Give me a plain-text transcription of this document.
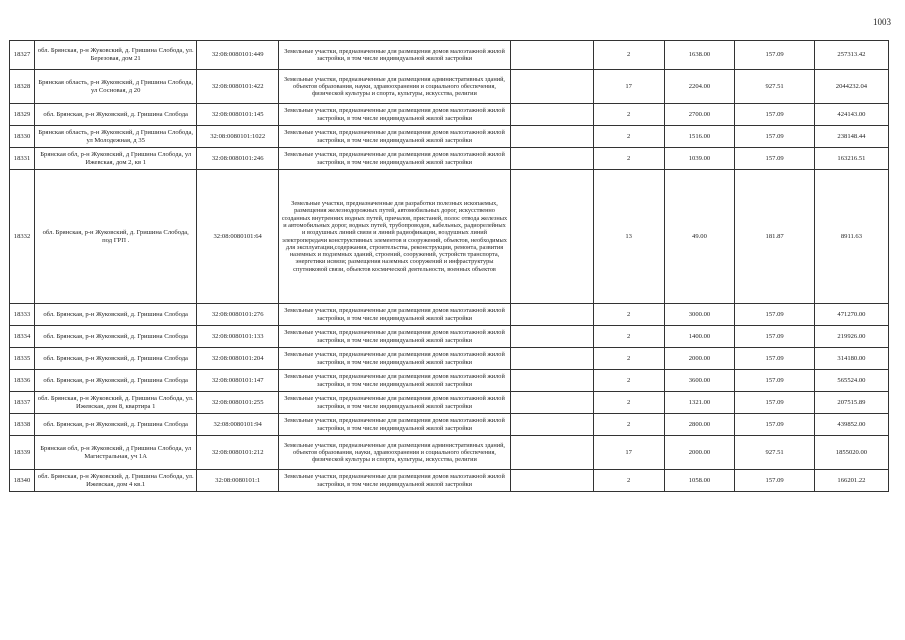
1003
18327	обл. Брянская, р-н Жуковский, д. Гришина Слобода, ул. Березовая, дом 21	32:08:0080101:449	Земельные участки, предназначенные для размещения домов малоэтажной жилой застройки, в том числе индивидуальной жилой застройки		2	1638.00	157.09	257313.42
18328	Брянская область, р-н Жуковский, д Гришина Слобода, ул Сосновая, д 20	32:08:0080101:422	Земельные участки, предназначенные для размещения административных зданий, объектов образования, науки, здравоохранения и социального обеспечения, физической культуры и спорта, культуры, искусства, религии		17	2204.00	927.51	2044232.04
18329	обл. Брянская, р-н Жуковский, д. Гришина Слобода	32:08:0080101:145	Земельные участки, предназначенные для размещения домов малоэтажной жилой застройки, в том числе индивидуальной жилой застройки		2	2700.00	157.09	424143.00
18330	Брянская область, р-н Жуковский, д Гришина Слобода, ул Молодежная, д 35	32:08:0080101:1022	Земельные участки, предназначенные для размещения домов малоэтажной жилой застройки, в том числе индивидуальной жилой застройки		2	1516.00	157.09	238148.44
18331	Брянская обл, р-н Жуковский, д Гришина Слобода, ул Ижевская, дом 2, кв 1	32:08:0080101:246	Земельные участки, предназначенные для размещения домов малоэтажной жилой застройки, в том числе индивидуальной жилой застройки		2	1039.00	157.09	163216.51
18332	обл. Брянская, р-н Жуковский, д. Гришина Слобода, под ГРП .	32:08:0080101:64	Земельные участки, предназначенные для разработки полезных ископаемых, размещения железнодорожных путей, автомобильных дорог, искусственно созданных внутренних водных путей, причалов, пристаней, полос отвода железных и автомобильных дорог, водных путей, трубопроводов, кабельных, радиорелейных и воздушных линий связи и линий радиофикации, воздушных линий электропередачи конструктивных элементов и сооружений, объектов, необходимых для эксплуатации,содержания, строительства, реконструкции, ремонта, развития наземных и подземных зданий, строений, сооружений, устройств транспорта, энергетики исвязи; размещения наземных сооружений и инфраструктуры спутниковой связи, объектов космической деятельности, военных объектов		13	49.00	181.87	8911.63
18333	обл. Брянская, р-н Жуковский, д. Гришина Слобода	32:08:0080101:276	Земельные участки, предназначенные для размещения домов малоэтажной жилой застройки, в том числе индивидуальной жилой застройки		2	3000.00	157.09	471270.00
18334	обл. Брянская, р-н Жуковский, д. Гришина Слобода	32:08:0080101:133	Земельные участки, предназначенные для размещения домов малоэтажной жилой застройки, в том числе индивидуальной жилой застройки		2	1400.00	157.09	219926.00
18335	обл. Брянская, р-н Жуковский, д. Гришина Слобода	32:08:0080101:204	Земельные участки, предназначенные для размещения домов малоэтажной жилой застройки, в том числе индивидуальной жилой застройки		2	2000.00	157.09	314180.00
18336	обл. Брянская, р-н Жуковский, д. Гришина Слобода	32:08:0080101:147	Земельные участки, предназначенные для размещения домов малоэтажной жилой застройки, в том числе индивидуальной жилой застройки		2	3600.00	157.09	565524.00
18337	обл. Брянская, р-н Жуковский, д. Гришина Слобода, ул. Ижевская, дом 8, квартира 1	32:08:0080101:255	Земельные участки, предназначенные для размещения домов малоэтажной жилой застройки, в том числе индивидуальной жилой застройки		2	1321.00	157.09	207515.89
18338	обл. Брянская, р-н Жуковский, д. Гришина Слобода	32:08:0080101:94	Земельные участки, предназначенные для размещения домов малоэтажной жилой застройки, в том числе индивидуальной жилой застройки		2	2800.00	157.09	439852.00
18339	Брянская обл, р-н Жуковский, д Гришина Слобода, ул Магистральная, уч 1А	32:08:0080101:212	Земельные участки, предназначенные для размещения административных зданий, объектов образования, науки, здравоохранения и социального обеспечения, физической культуры и спорта, культуры, искусства, религии		17	2000.00	927.51	1855020.00
18340	обл. Брянская, р-н Жуковский, д. Гришина Слобода, ул. Ижевская, дом 4 кв.1	32:08:0080101:1	Земельные участки, предназначенные для размещения домов малоэтажной жилой застройки, в том числе индивидуальной жилой застройки		2	1058.00	157.09	166201.22
